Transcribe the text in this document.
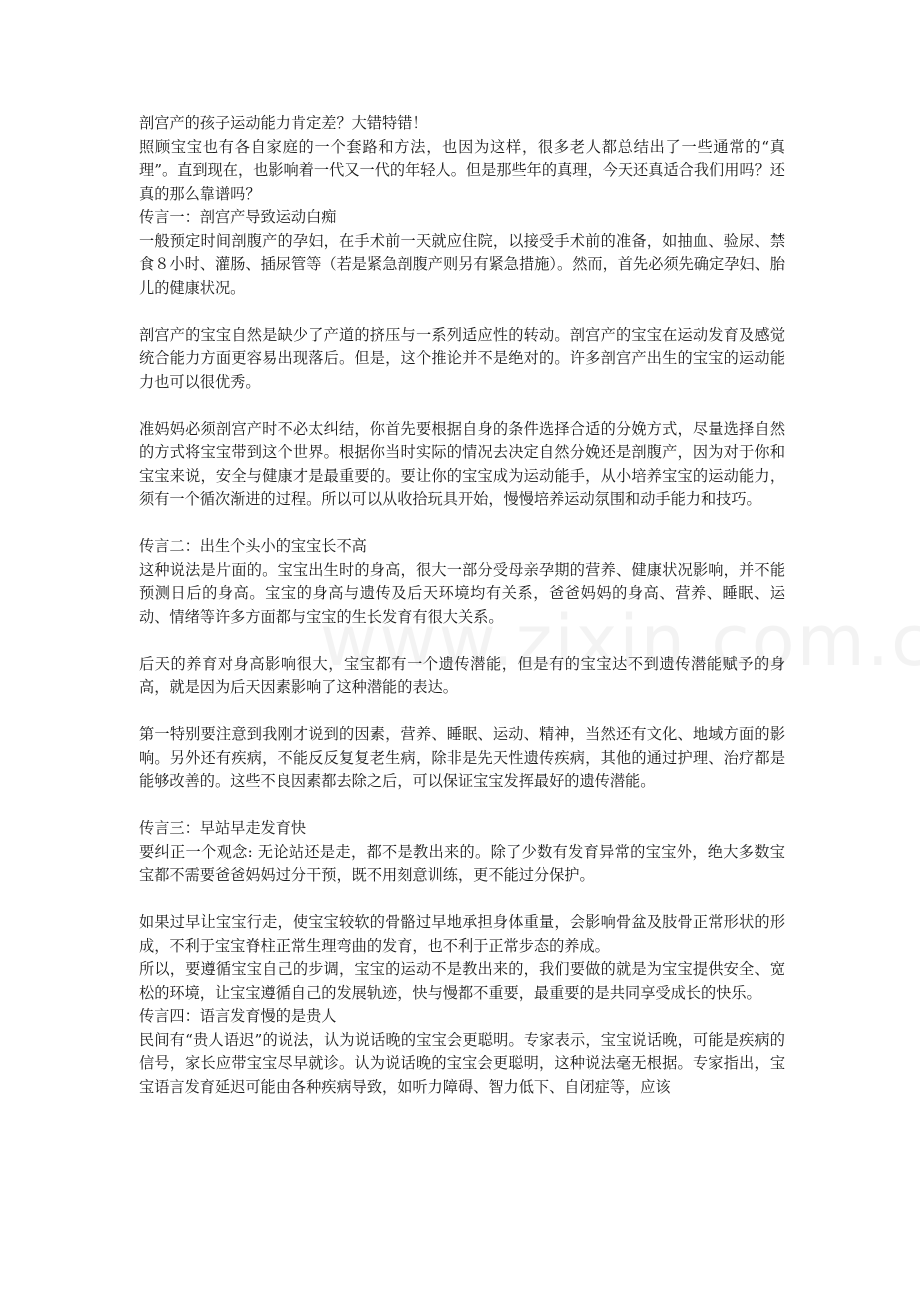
剖宫产的孩子运动能力肯定差？大错特错！

照顾宝宝也有各自家庭的一个套路和方法，也因为这样，很多老人都总结出了一些通常的“真理”。直到现在，也影响着一代又一代的年轻人。但是那些年的真理，今天还真适合我们用吗？还真的那么靠谱吗？

传言一：剖宫产导致运动白痴

一般预定时间剖腹产的孕妇，在手术前一天就应住院，以接受手术前的准备，如抽血、验尿、禁食８小时、灌肠、插尿管等（若是紧急剖腹产则另有紧急措施）。然而，首先必须先确定孕妇、胎儿的健康状况。

剖宫产的宝宝自然是缺少了产道的挤压与一系列适应性的转动。剖宫产的宝宝在运动发育及感觉统合能力方面更容易出现落后。但是，这个推论并不是绝对的。许多剖宫产出生的宝宝的运动能力也可以很优秀。

准妈妈必须剖宫产时不必太纠结，你首先要根据自身的条件选择合适的分娩方式，尽量选择自然的方式将宝宝带到这个世界。根据你当时实际的情况去决定自然分娩还是剖腹产，因为对于你和宝宝来说，安全与健康才是最重要的。要让你的宝宝成为运动能手，从小培养宝宝的运动能力，须有一个循次渐进的过程。所以可以从收拾玩具开始，慢慢培养运动氛围和动手能力和技巧。

传言二：出生个头小的宝宝长不高

这种说法是片面的。宝宝出生时的身高，很大一部分受母亲孕期的营养、健康状况影响，并不能预测日后的身高。宝宝的身高与遗传及后天环境均有关系，爸爸妈妈的身高、营养、睡眠、运动、情绪等许多方面都与宝宝的生长发育有很大关系。

后天的养育对身高影响很大，宝宝都有一个遗传潜能，但是有的宝宝达不到遗传潜能赋予的身高，就是因为后天因素影响了这种潜能的表达。

第一特别要注意到我刚才说到的因素，营养、睡眠、运动、精神，当然还有文化、地域方面的影响。另外还有疾病，不能反反复复老生病，除非是先天性遗传疾病，其他的通过护理、治疗都是能够改善的。这些不良因素都去除之后，可以保证宝宝发挥最好的遗传潜能。

传言三：早站早走发育快

要纠正一个观念: 无论站还是走，都不是教出来的。除了少数有发育异常的宝宝外，绝大多数宝宝都不需要爸爸妈妈过分干预，既不用刻意训练，更不能过分保护。

如果过早让宝宝行走，使宝宝较软的骨骼过早地承担身体重量，会影响骨盆及肢骨正常形状的形成，不利于宝宝脊柱正常生理弯曲的发育，也不利于正常步态的养成。

所以，要遵循宝宝自己的步调，宝宝的运动不是教出来的，我们要做的就是为宝宝提供安全、宽松的环境，让宝宝遵循自己的发展轨迹，快与慢都不重要，最重要的是共同享受成长的快乐。

传言四：语言发育慢的是贵人

民间有“贵人语迟”的说法，认为说话晚的宝宝会更聪明。专家表示，宝宝说话晚，可能是疾病的信号，家长应带宝宝尽早就诊。认为说话晚的宝宝会更聪明，这种说法毫无根据。专家指出，宝宝语言发育延迟可能由各种疾病导致，如听力障碍、智力低下、自闭症等，应该
